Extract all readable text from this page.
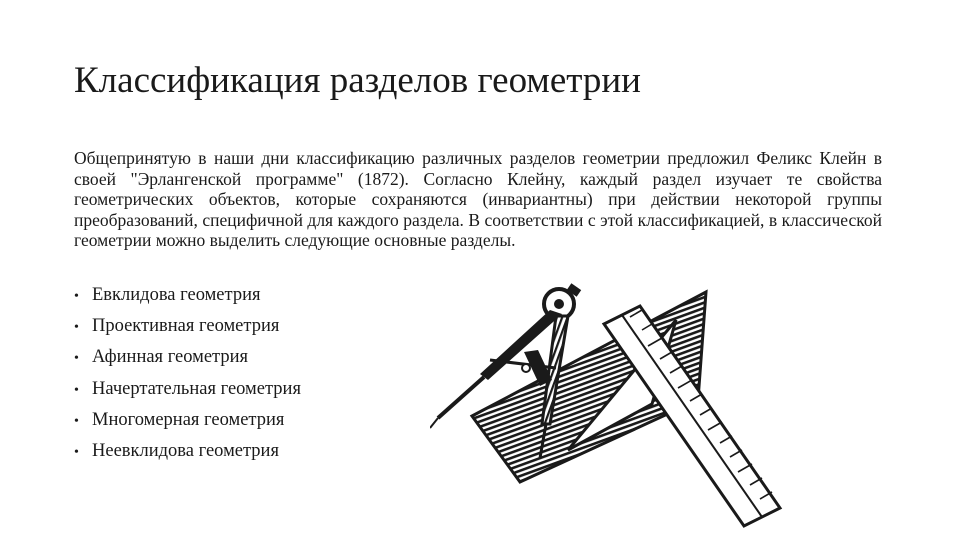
Классификация разделов геометрии

Общепринятую в наши дни классификацию различных разделов геометрии предложил Феликс Клейн в своей "Эрлангенской программе" (1872). Согласно Клейну, каждый раздел изучает те свойства геометрических объектов, которые сохраняются (инвариантны) при действии некоторой группы преобразований, специфичной для каждого раздела. В соответствии с этой классификацией, в классической геометрии можно выделить следующие основные разделы.

• Евклидова геометрия
• Проективная геометрия
• Афинная геометрия
• Начертательная геометрия
• Многомерная геометрия
• Неевклидова геометрия
